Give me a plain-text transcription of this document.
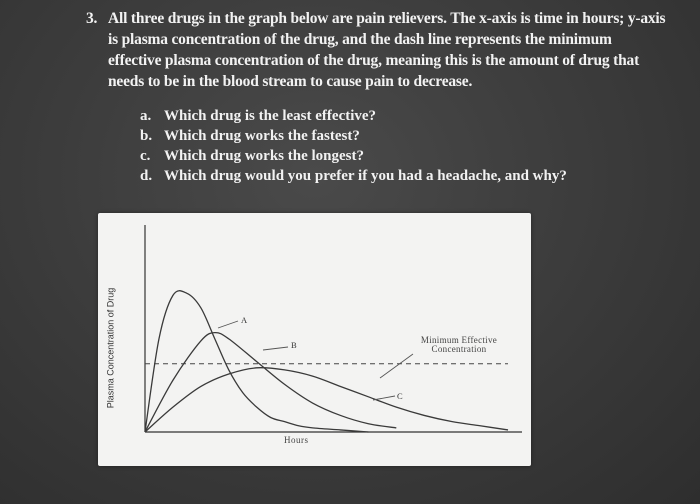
3. All three drugs in the graph below are pain relievers. The x-axis is time in hours; y-axis is plasma concentration of the drug, and the dash line represents the minimum effective plasma concentration of the drug, meaning this is the amount of drug that needs to be in the blood stream to cause pain to decrease.
a. Which drug is the least effective?
b. Which drug works the fastest?
c. Which drug works the longest?
d. Which drug would you prefer if you had a headache, and why?
Plasma Concentration of Drug
Hours
A
B
C
Minimum Effective
Concentration
